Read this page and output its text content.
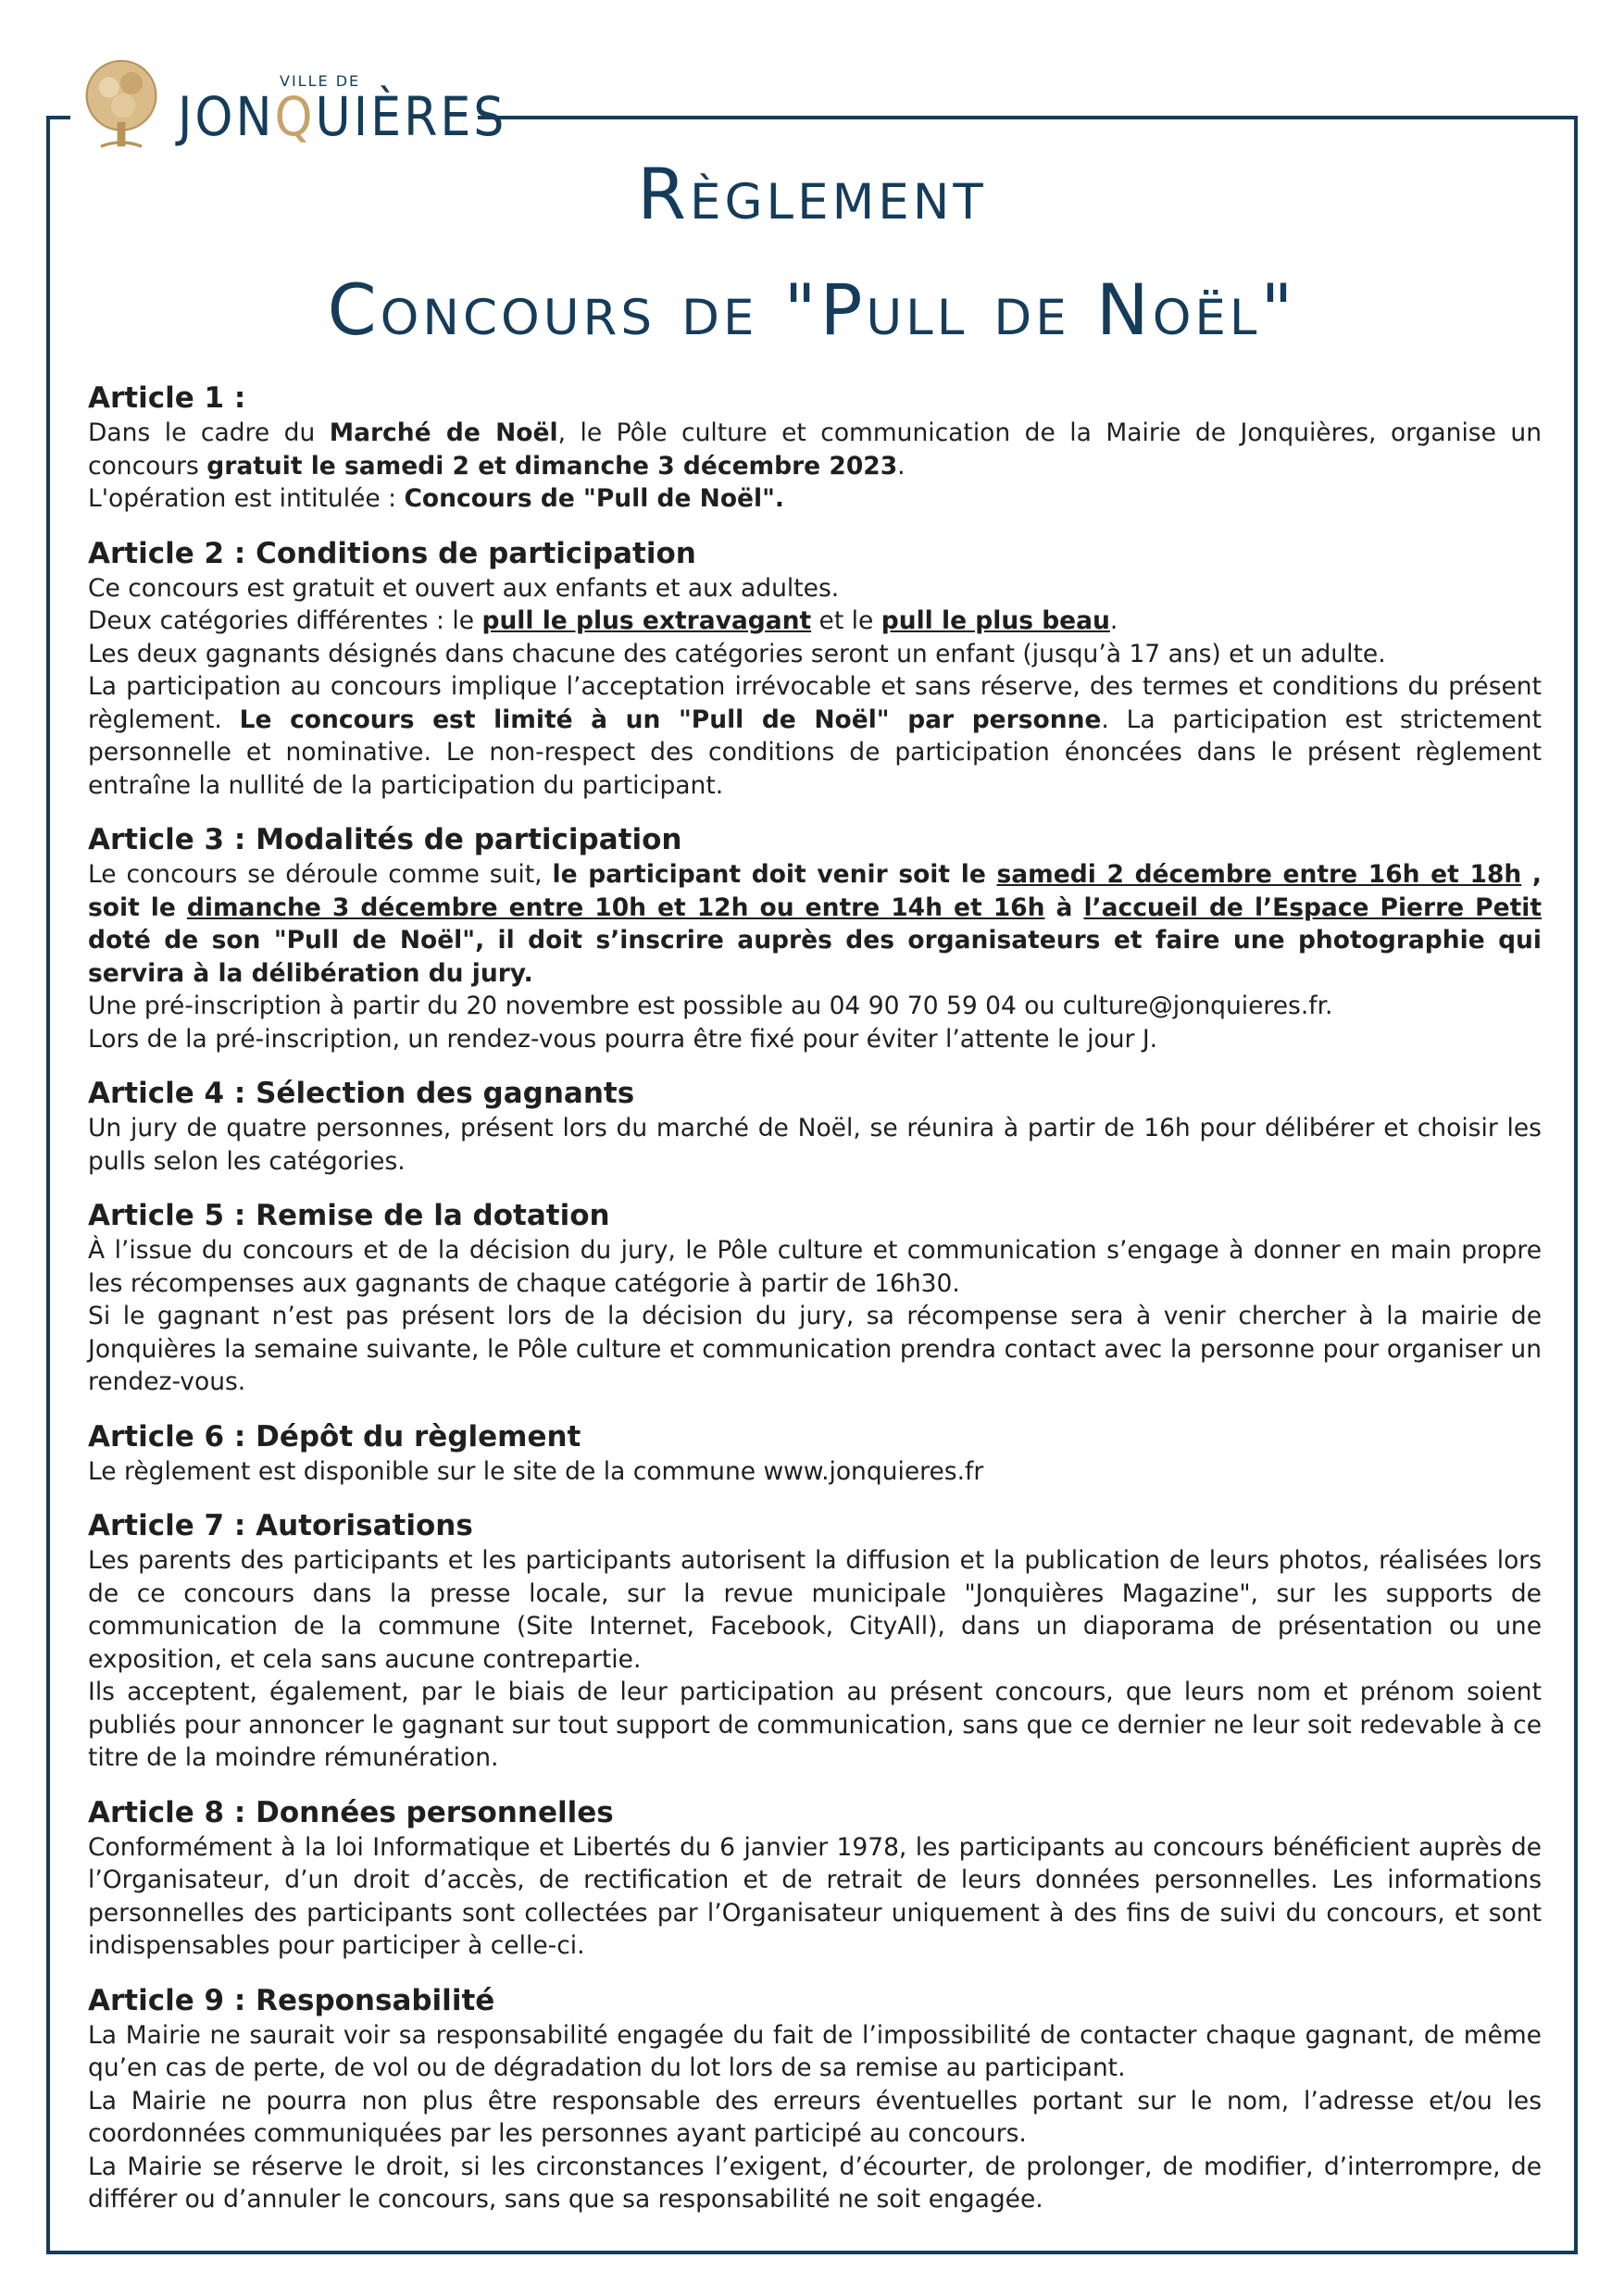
VILLE DE
JONQUIÈRES
Règlement
Concours de "Pull de Noël"
Article 1 :

Dans le cadre du Marché de Noël, le Pôle culture et communication de la Mairie de Jonquières, organise un concours gratuit le samedi 2 et dimanche 3 décembre 2023.

L'opération est intitulée : Concours de "Pull de Noël".

Article 2 : Conditions de participation

Ce concours est gratuit et ouvert aux enfants et aux adultes.

Deux catégories différentes : le pull le plus extravagant et le pull le plus beau.

Les deux gagnants désignés dans chacune des catégories seront un enfant (jusqu’à 17 ans) et un adulte.

La participation au concours implique l’acceptation irrévocable et sans réserve, des termes et conditions du présent règlement. Le concours est limité à un "Pull de Noël" par personne. La participation est strictement personnelle et nominative. Le non-respect des conditions de participation énoncées dans le présent règlement entraîne la nullité de la participation du participant.

Article 3 : Modalités de participation

Le concours se déroule comme suit, le participant doit venir soit le samedi 2 décembre entre 16h et 18h , soit le dimanche 3 décembre entre 10h et 12h ou entre 14h et 16h à l’accueil de l’Espace Pierre Petit doté de son "Pull de Noël", il doit s’inscrire auprès des organisateurs et faire une photographie qui servira à la délibération du jury.

Une pré-inscription à partir du 20 novembre est possible au 04 90 70 59 04 ou culture@jonquieres.fr.

Lors de la pré-inscription, un rendez-vous pourra être fixé pour éviter l’attente le jour J.

Article 4 : Sélection des gagnants

Un jury de quatre personnes, présent lors du marché de Noël, se réunira à partir de 16h pour délibérer et choisir les pulls selon les catégories.

Article 5 : Remise de la dotation

À l’issue du concours et de la décision du jury, le Pôle culture et communication s’engage à donner en main propre les récompenses aux gagnants de chaque catégorie à partir de 16h30.

Si le gagnant n’est pas présent lors de la décision du jury, sa récompense sera à venir chercher à la mairie de Jonquières la semaine suivante, le Pôle culture et communication prendra contact avec la personne pour organiser un rendez-vous.

Article 6 : Dépôt du règlement

Le règlement est disponible sur le site de la commune www.jonquieres.fr

Article 7 : Autorisations

Les parents des participants et les participants autorisent la diffusion et la publication de leurs photos, réalisées lors de ce concours dans la presse locale, sur la revue municipale "Jonquières Magazine", sur les supports de communication de la commune (Site Internet, Facebook, CityAll), dans un diaporama de présentation ou une exposition, et cela sans aucune contrepartie.

Ils acceptent, également, par le biais de leur participation au présent concours, que leurs nom et prénom soient publiés pour annoncer le gagnant sur tout support de communication, sans que ce dernier ne leur soit redevable à ce titre de la moindre rémunération.

Article 8 : Données personnelles

Conformément à la loi Informatique et Libertés du 6 janvier 1978, les participants au concours bénéficient auprès de l’Organisateur, d’un droit d’accès, de rectification et de retrait de leurs données personnelles. Les informations personnelles des participants sont collectées par l’Organisateur uniquement à des fins de suivi du concours, et sont indispensables pour participer à celle-ci.

Article 9 : Responsabilité

La Mairie ne saurait voir sa responsabilité engagée du fait de l’impossibilité de contacter chaque gagnant, de même qu’en cas de perte, de vol ou de dégradation du lot lors de sa remise au participant.

La Mairie ne pourra non plus être responsable des erreurs éventuelles portant sur le nom, l’adresse et/ou les coordonnées communiquées par les personnes ayant participé au concours.

La Mairie se réserve le droit, si les circonstances l’exigent, d’écourter, de prolonger, de modifier, d’interrompre, de différer ou d’annuler le concours, sans que sa responsabilité ne soit engagée.
